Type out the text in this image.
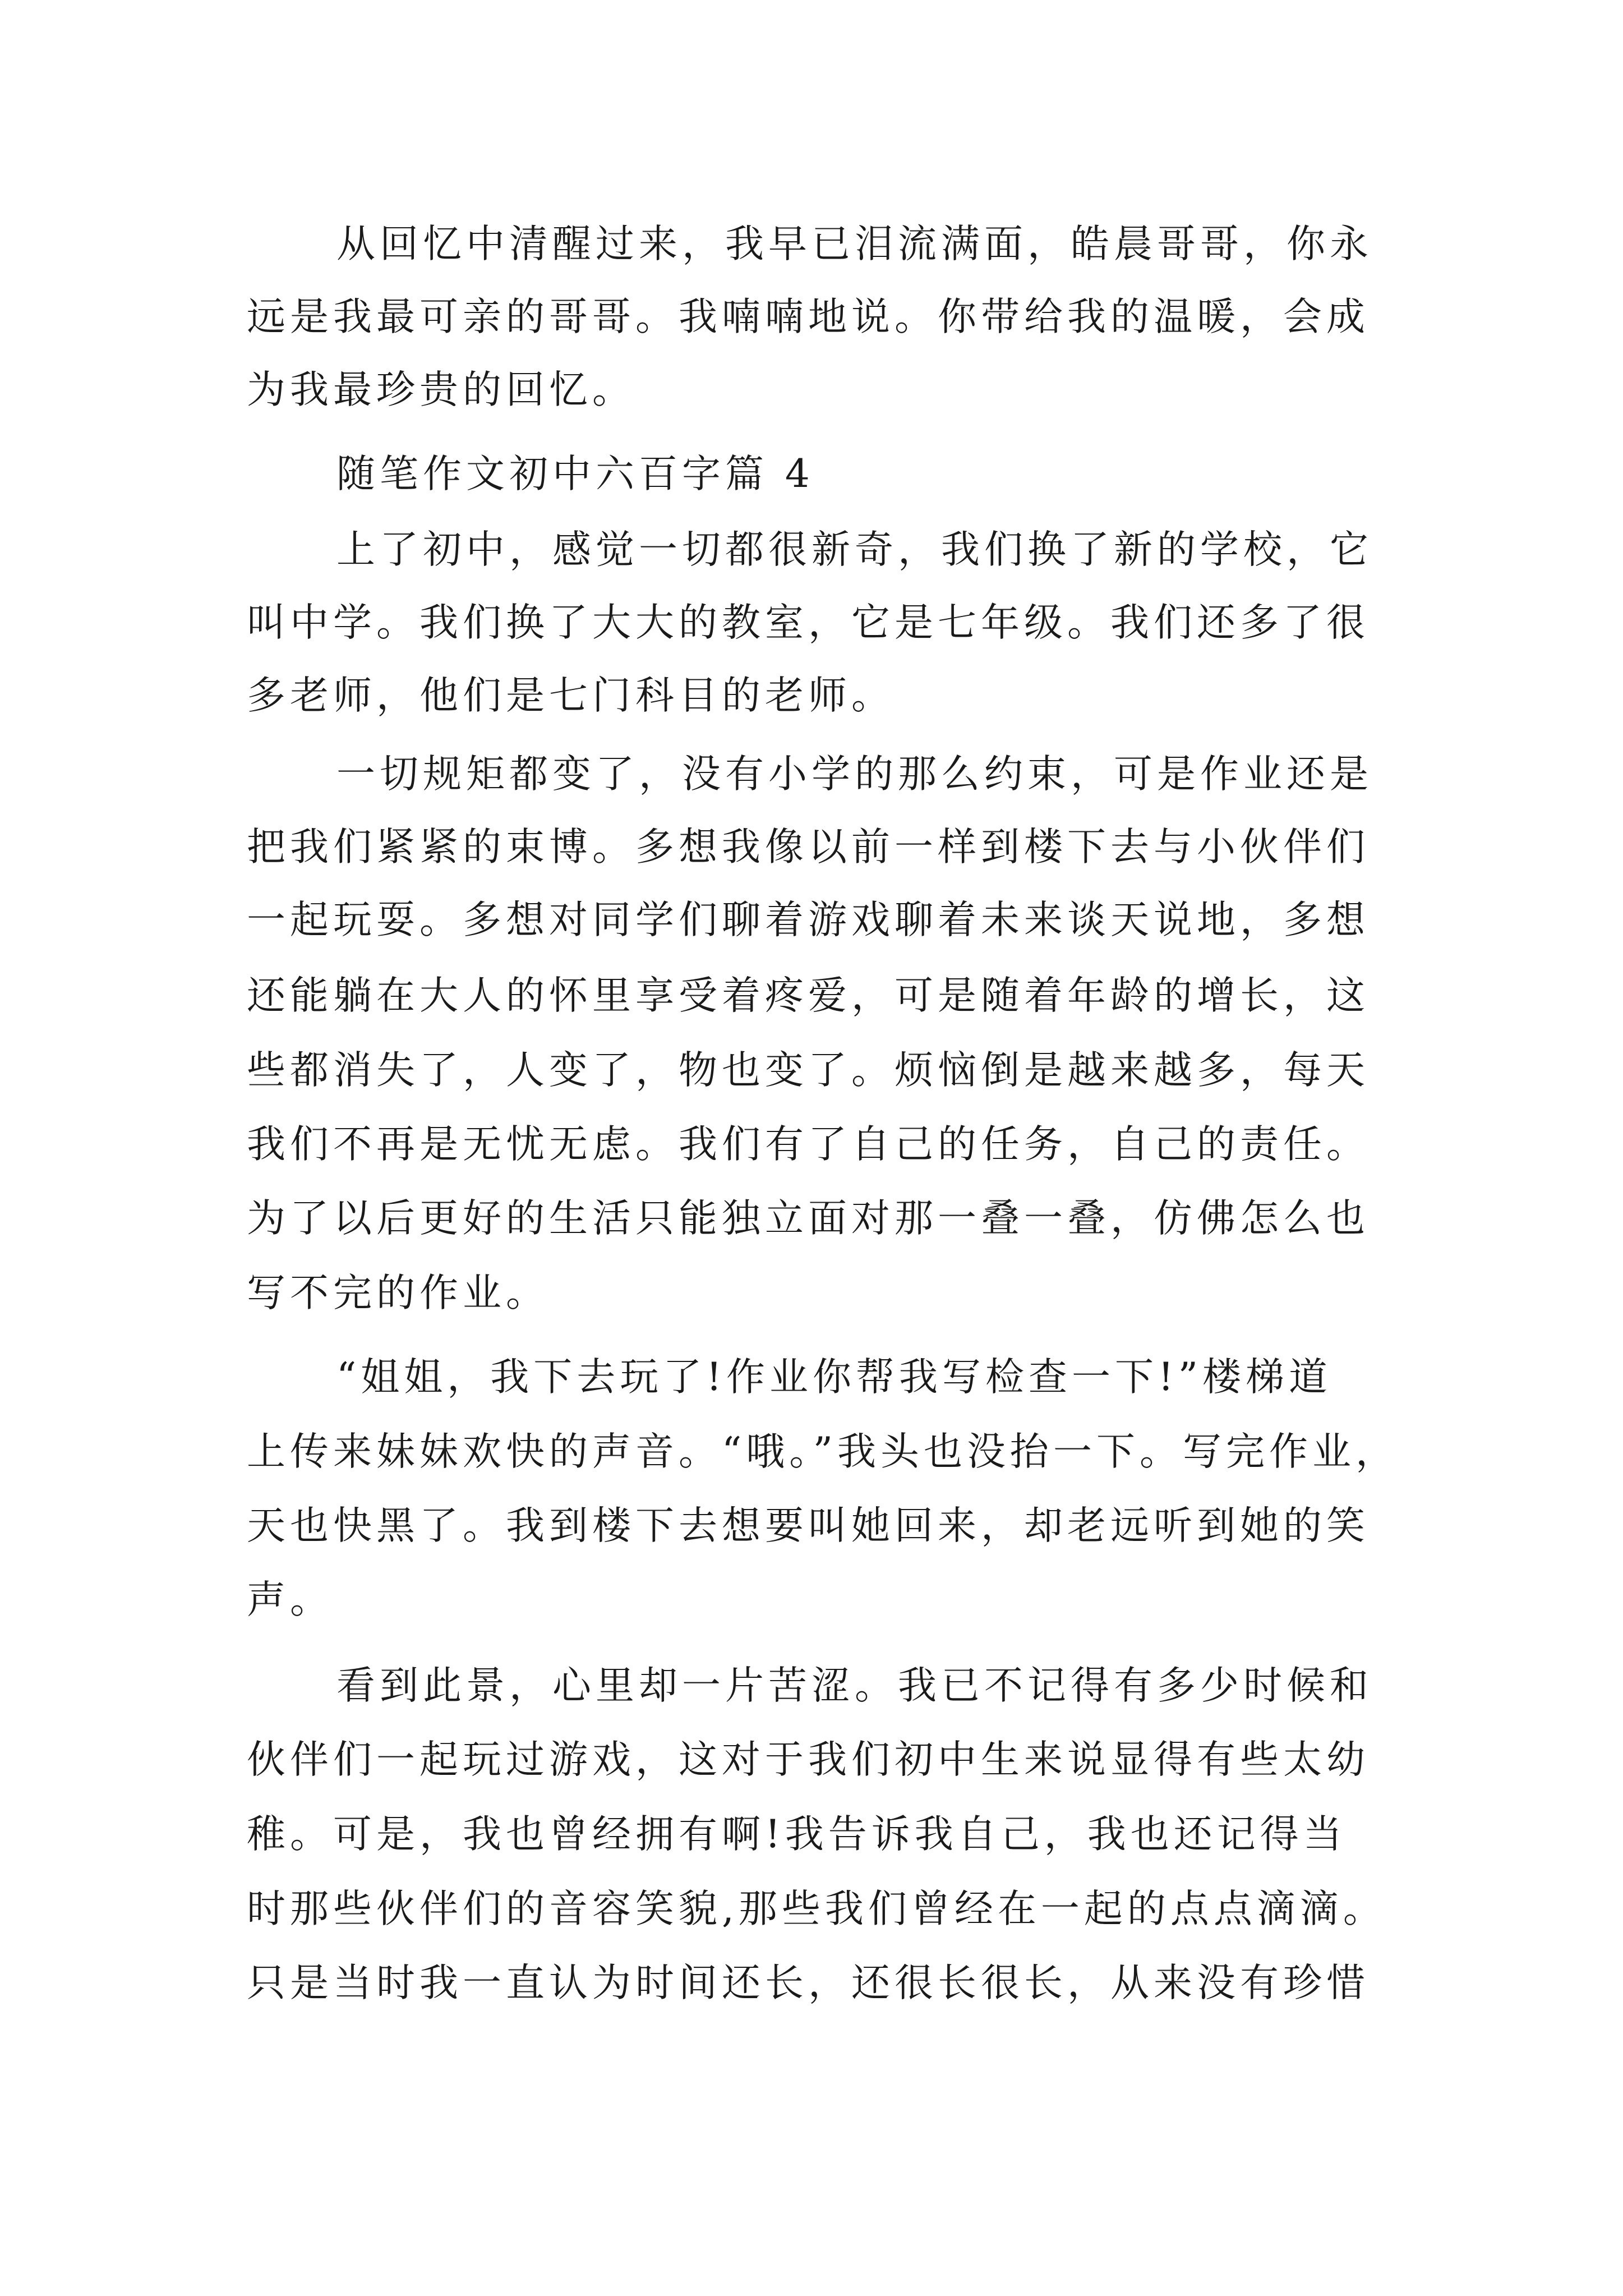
从回忆中清醒过来，我早已泪流满面，皓晨哥哥，你永
远是我最可亲的哥哥。我喃喃地说。你带给我的温暖，会成
为我最珍贵的回忆。
随笔作文初中六百字篇 4
上了初中，感觉一切都很新奇，我们换了新的学校，它
叫中学。我们换了大大的教室，它是七年级。我们还多了很
多老师，他们是七门科目的老师。
一切规矩都变了，没有小学的那么约束，可是作业还是
把我们紧紧的束博。多想我像以前一样到楼下去与小伙伴们
一起玩耍。多想对同学们聊着游戏聊着未来谈天说地，多想
还能躺在大人的怀里享受着疼爱，可是随着年龄的增长，这
些都消失了，人变了，物也变了。烦恼倒是越来越多，每天
我们不再是无忧无虑。我们有了自己的任务，自己的责任。
为了以后更好的生活只能独立面对那一叠一叠，仿佛怎么也
写不完的作业。
“姐姐，我下去玩了!作业你帮我写检查一下!”楼梯道
上传来妹妹欢快的声音。“哦。”我头也没抬一下。写完作业，
天也快黑了。我到楼下去想要叫她回来，却老远听到她的笑
声。
看到此景，心里却一片苦涩。我已不记得有多少时候和
伙伴们一起玩过游戏，这对于我们初中生来说显得有些太幼
稚。可是，我也曾经拥有啊!我告诉我自己，我也还记得当
时那些伙伴们的音容笑貌,那些我们曾经在一起的点点滴滴。
只是当时我一直认为时间还长，还很长很长，从来没有珍惜
